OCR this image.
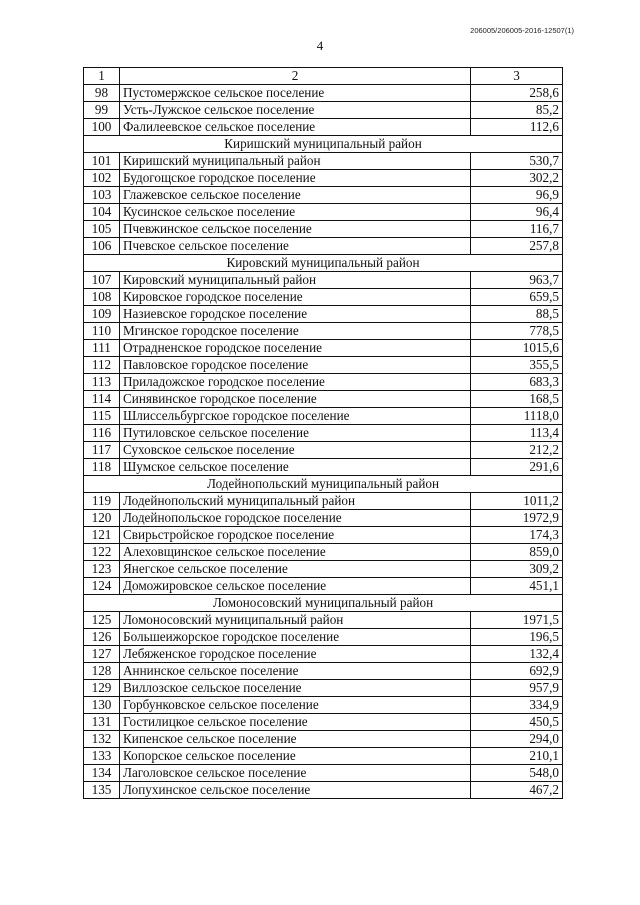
206005/206005-2016-12507(1)
4
1	2	3
98	Пустомержское сельское поселение	258,6
99	Усть-Лужское сельское поселение	85,2
100	Фалилеевское сельское поселение	112,6
Киришский муниципальный район		
101	Киришский муниципальный район	530,7
102	Будогощское городское поселение	302,2
103	Глажевское сельское поселение	96,9
104	Кусинское сельское поселение	96,4
105	Пчевжинское сельское поселение	116,7
106	Пчевское сельское поселение	257,8
Кировский муниципальный район		
107	Кировский муниципальный район	963,7
108	Кировское городское поселение	659,5
109	Назиевское городское поселение	88,5
110	Мгинское городское поселение	778,5
111	Отрадненское городское поселение	1015,6
112	Павловское городское поселение	355,5
113	Приладожское городское поселение	683,3
114	Синявинское городское поселение	168,5
115	Шлиссельбургское городское поселение	1118,0
116	Путиловское сельское поселение	113,4
117	Суховское сельское поселение	212,2
118	Шумское сельское поселение	291,6
Лодейнопольский муниципальный район		
119	Лодейнопольский муниципальный район	1011,2
120	Лодейнопольское городское поселение	1972,9
121	Свирьстройское городское поселение	174,3
122	Алеховщинское сельское поселение	859,0
123	Янегское сельское поселение	309,2
124	Доможировское сельское поселение	451,1
Ломоносовский муниципальный район		
125	Ломоносовский муниципальный район	1971,5
126	Большеижорское городское поселение	196,5
127	Лебяженское городское поселение	132,4
128	Аннинское сельское поселение	692,9
129	Виллозское сельское поселение	957,9
130	Горбунковское сельское поселение	334,9
131	Гостилицкое сельское поселение	450,5
132	Кипенское сельское поселение	294,0
133	Копорское сельское поселение	210,1
134	Лаголовское сельское поселение	548,0
135	Лопухинское сельское поселение	467,2
